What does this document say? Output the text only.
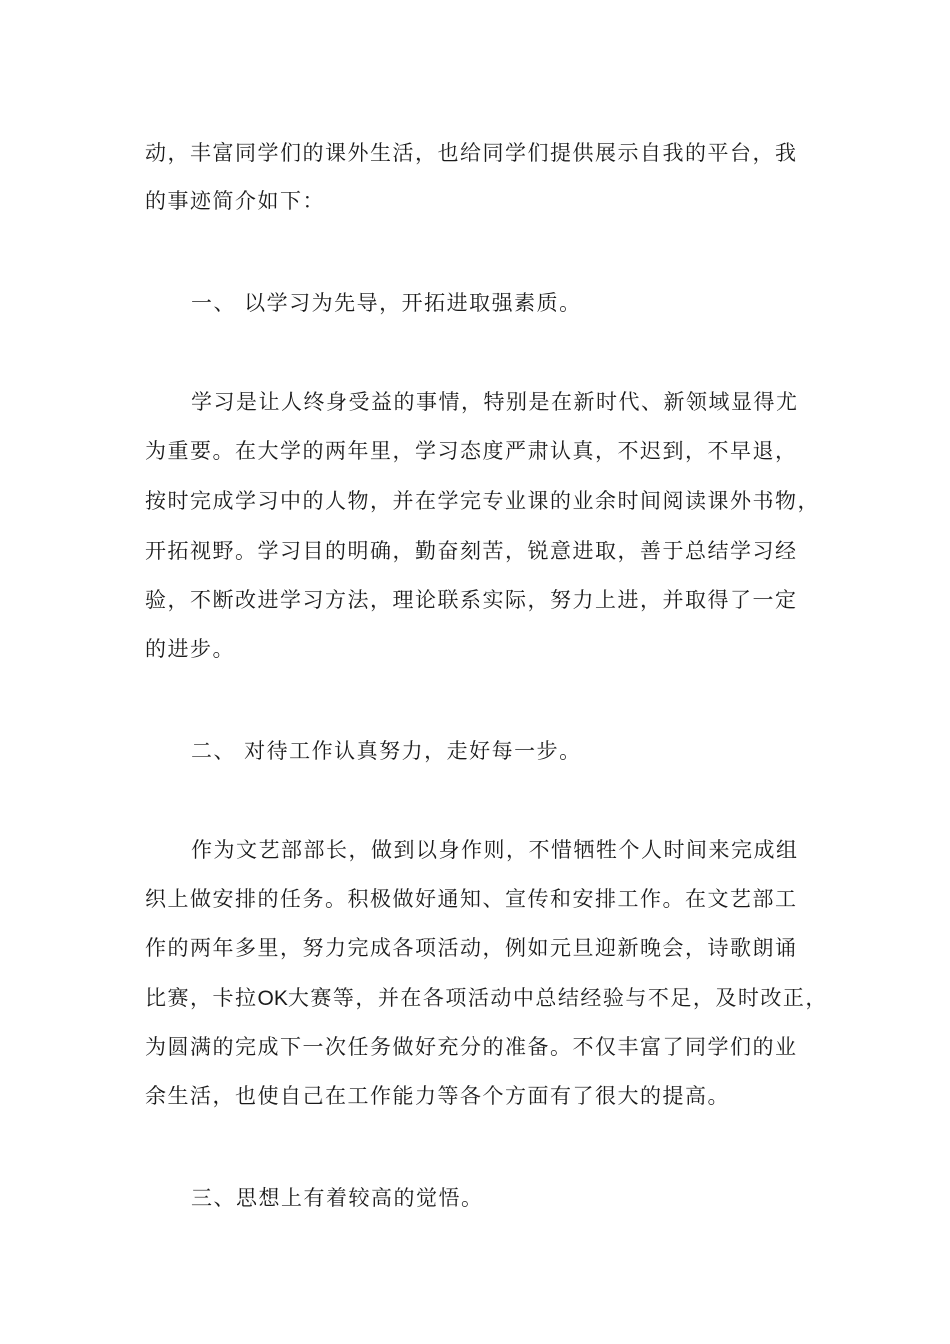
动，丰富同学们的课外生活，也给同学们提供展示自我的平台，我
的事迹简介如下：
一、 以学习为先导，开拓进取强素质。
学习是让人终身受益的事情，特别是在新时代、新领域显得尤
为重要。在大学的两年里，学习态度严肃认真，不迟到，不早退，
按时完成学习中的人物，并在学完专业课的业余时间阅读课外书物，
开拓视野。学习目的明确，勤奋刻苦，锐意进取，善于总结学习经
验，不断改进学习方法，理论联系实际，努力上进，并取得了一定
的进步。
二、 对待工作认真努力，走好每一步。
作为文艺部部长，做到以身作则，不惜牺牲个人时间来完成组
织上做安排的任务。积极做好通知、宣传和安排工作。在文艺部工
作的两年多里，努力完成各项活动，例如元旦迎新晚会，诗歌朗诵
比赛，卡拉OK大赛等，并在各项活动中总结经验与不足，及时改正，
为圆满的完成下一次任务做好充分的准备。不仅丰富了同学们的业
余生活，也使自己在工作能力等各个方面有了很大的提高。
三、思想上有着较高的觉悟。
